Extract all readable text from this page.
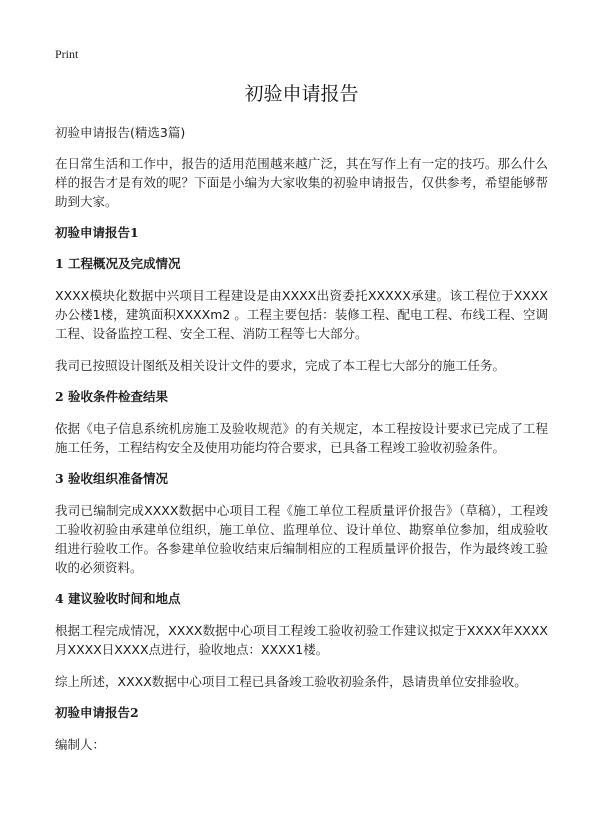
Print
初验申请报告

初验申请报告(精选3篇)

在日常生活和工作中，报告的适用范围越来越广泛，其在写作上有一定的技巧。那么什么样的报告才是有效的呢？下面是小编为大家收集的初验申请报告，仅供参考，希望能够帮助到大家。

初验申请报告1

1 工程概况及完成情况

XXXX模块化数据中兴项目工程建设是由XXXX出资委托XXXXX承建。该工程位于XXXX办公楼1楼，建筑面积XXXXm2 。工程主要包括：装修工程、配电工程、布线工程、空调工程、设备监控工程、安全工程、消防工程等七大部分。

我司已按照设计图纸及相关设计文件的要求，完成了本工程七大部分的施工任务。

2 验收条件检查结果

依据《电子信息系统机房施工及验收规范》的有关规定，本工程按设计要求已完成了工程施工任务，工程结构安全及使用功能均符合要求，已具备工程竣工验收初验条件。

3 验收组织准备情况

我司已编制完成XXXX数据中心项目工程《施工单位工程质量评价报告》（草稿），工程竣工验收初验由承建单位组织，施工单位、监理单位、设计单位、勘察单位参加，组成验收组进行验收工作。各参建单位验收结束后编制相应的工程质量评价报告，作为最终竣工验收的必须资料。

4 建议验收时间和地点

根据工程完成情况，XXXX数据中心项目工程竣工验收初验工作建议拟定于XXXX年XXXX月XXXX日XXXX点进行，验收地点：XXXX1楼。

综上所述，XXXX数据中心项目工程已具备竣工验收初验条件，恳请贵单位安排验收。

初验申请报告2

编制人：
